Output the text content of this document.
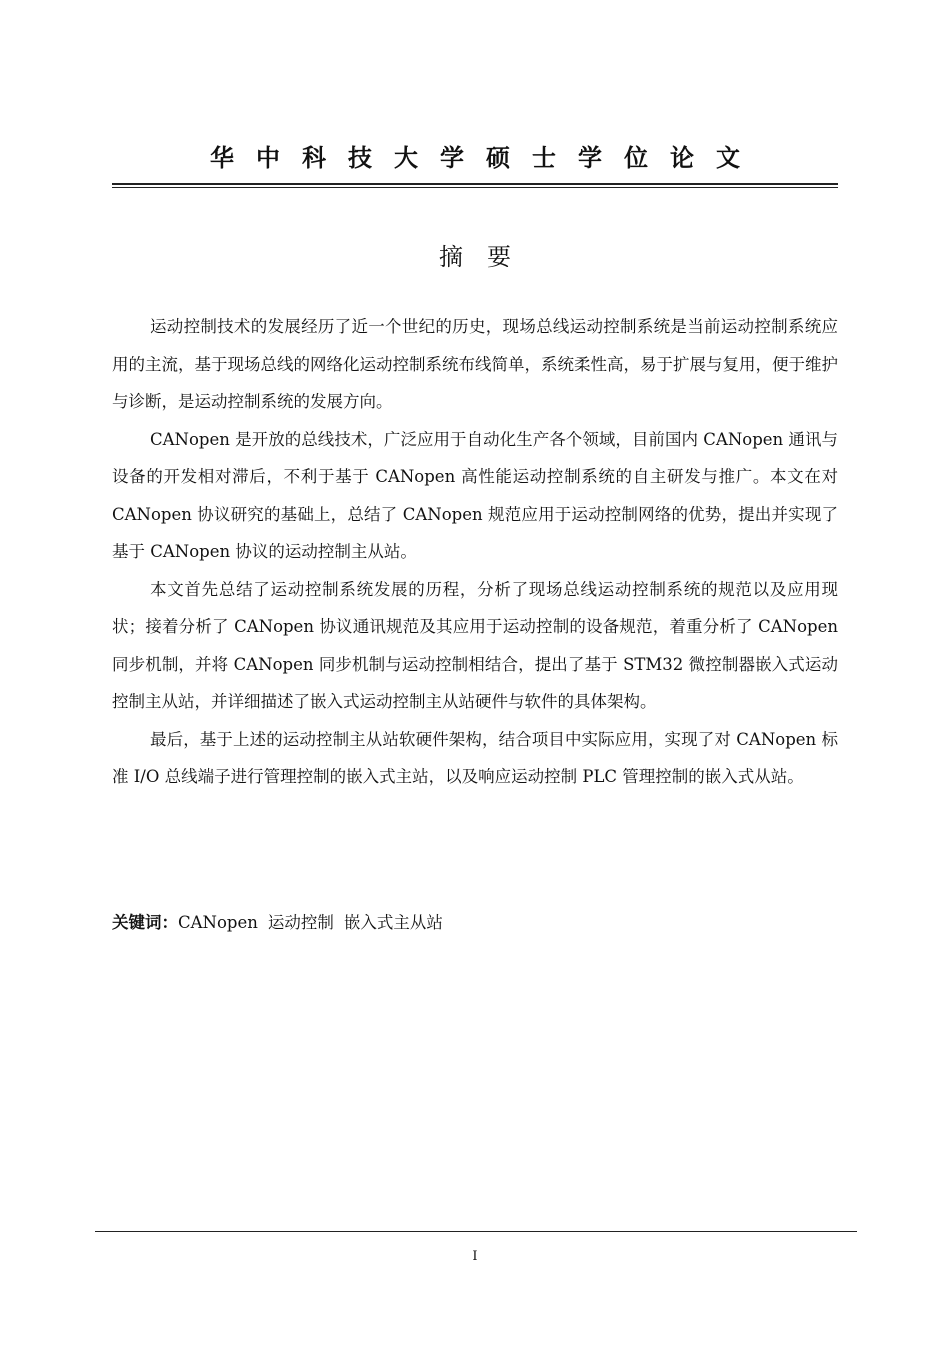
华中科技大学硕士学位论文
摘要

运动控制技术的发展经历了近一个世纪的历史，现场总线运动控制系统是当前运动控制系统应用的主流，基于现场总线的网络化运动控制系统布线简单，系统柔性高，易于扩展与复用，便于维护与诊断，是运动控制系统的发展方向。

CANopen 是开放的总线技术，广泛应用于自动化生产各个领域，目前国内 CANopen 通讯与设备的开发相对滞后，不利于基于 CANopen 高性能运动控制系统的自主研发与推广。本文在对 CANopen 协议研究的基础上，总结了 CANopen 规范应用于运动控制网络的优势，提出并实现了基于 CANopen 协议的运动控制主从站。

本文首先总结了运动控制系统发展的历程，分析了现场总线运动控制系统的规范以及应用现状；接着分析了 CANopen 协议通讯规范及其应用于运动控制的设备规范，着重分析了 CANopen 同步机制，并将 CANopen 同步机制与运动控制相结合，提出了基于 STM32 微控制器嵌入式运动控制主从站，并详细描述了嵌入式运动控制主从站硬件与软件的具体架构。

最后，基于上述的运动控制主从站软硬件架构，结合项目中实际应用，实现了对 CANopen 标准 I/O 总线端子进行管理控制的嵌入式主站，以及响应运动控制 PLC 管理控制的嵌入式从站。

关键词：CANopen 运动控制 嵌入式主从站
I
